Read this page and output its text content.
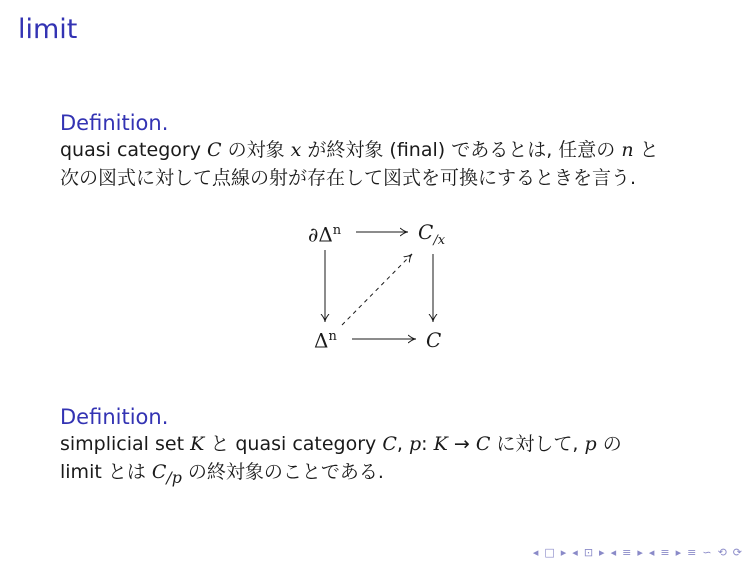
limit
Definition.
quasi category C の対象 x が終対象 (final) であるとは, 任意の n と
次の図式に対して点線の射が存在して図式を可換にするときを言う.
$\partial\Delta^n$	$C_{/x}$
$\Delta^n$	C
Definition.
simplicial set K と quasi category C, p: K → C に対して, p の
limit とは $C_{/p}$ の終対象のことである.
◂ □ ▸ ◂ ⊡ ▸ ◂ ≡ ▸ ◂ ≡ ▸ ≡ ∽ ⟲ ⟳
